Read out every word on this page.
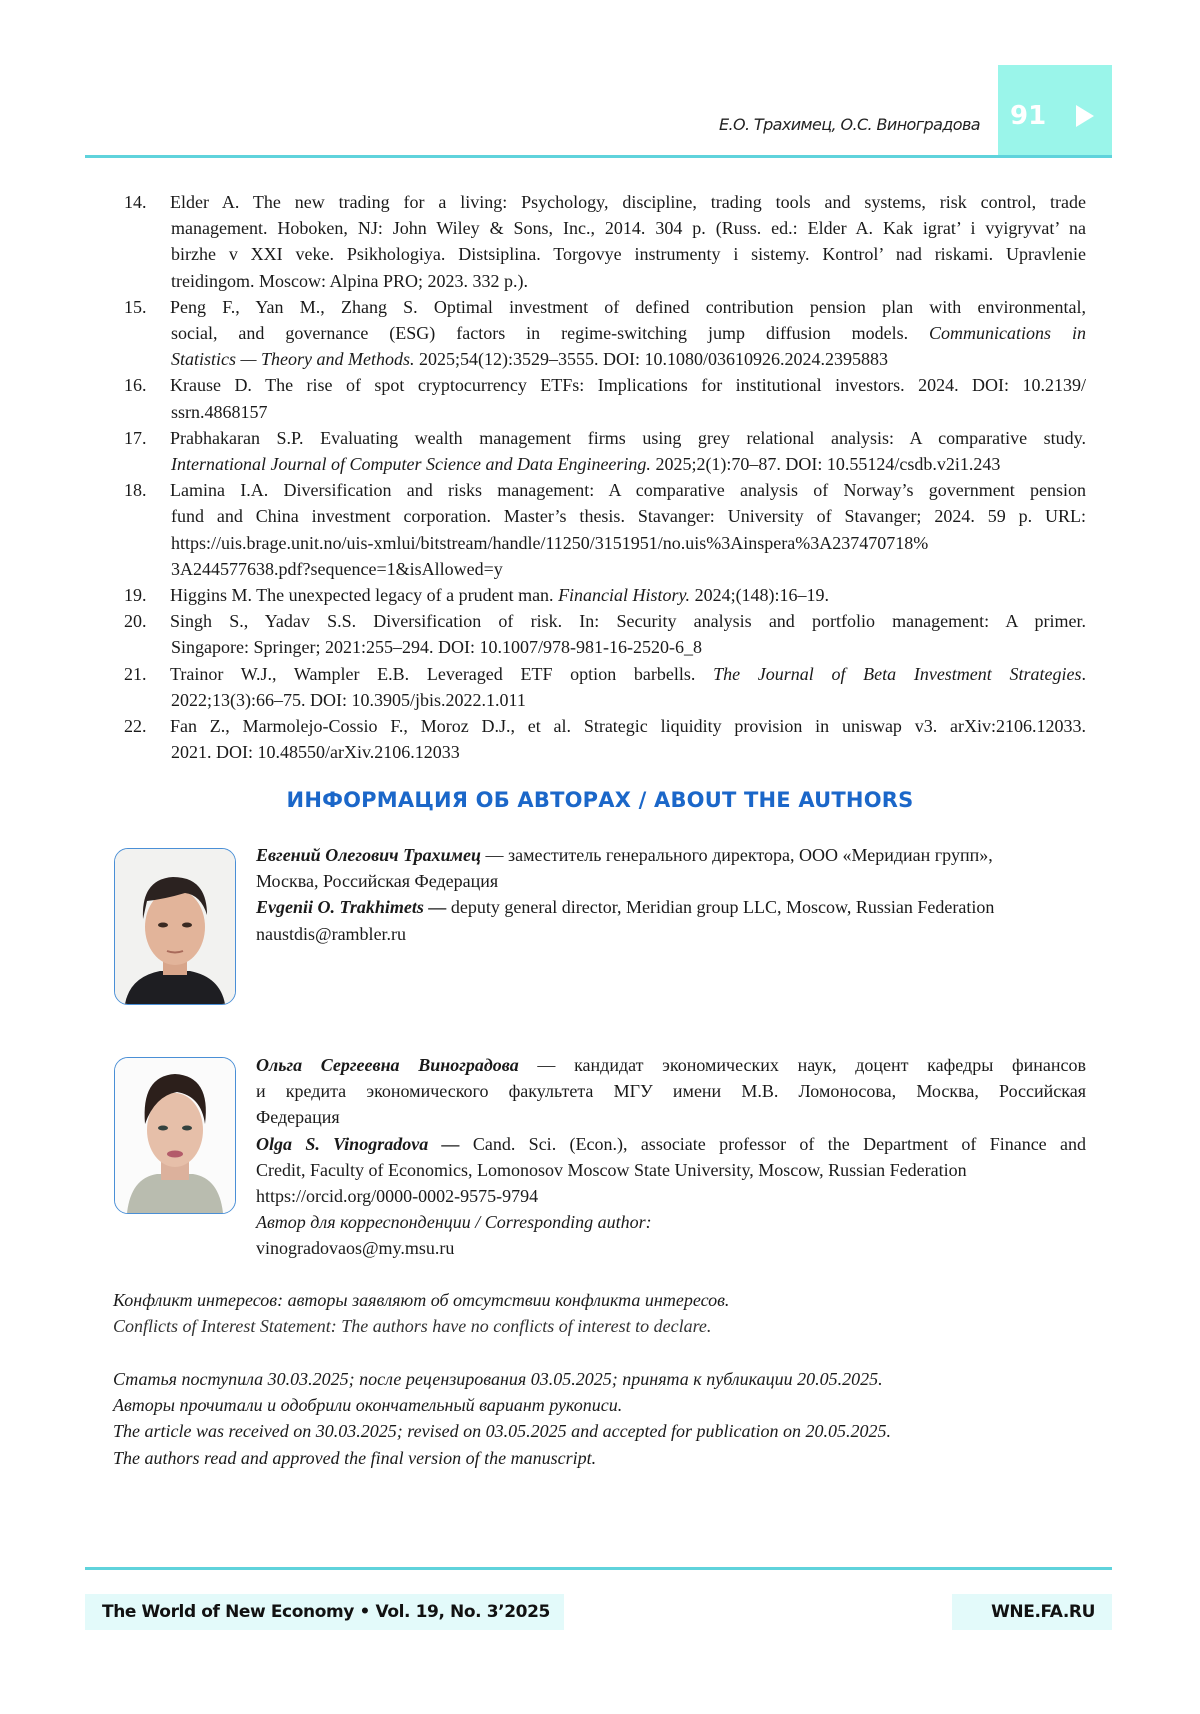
Е.О. Трахимец, О.С. Виноградова 91
14.	Elder A. The new trading for a living: Psychology, discipline, trading tools and systems, risk control, trade
management. Hoboken, NJ: John Wiley & Sons, Inc., 2014. 304 p. (Russ. ed.: Elder A. Kak igrat’ i vyigryvat’ na
birzhe v XXI veke. Psikhologiya. Distsiplina. Torgovye instrumenty i sistemy. Kontrol’ nad riskami. Upravlenie
treidingom. Moscow: Alpina PRO; 2023. 332 p.).
15.	Peng F., Yan M., Zhang S. Optimal investment of defined contribution pension plan with environmental,
social, and governance (ESG) factors in regime-switching jump diffusion models. Communications in
Statistics — Theory and Methods. 2025;54(12):3529–3555. DOI: 10.1080/03610926.2024.2395883
16.	Krause D. The rise of spot cryptocurrency ETFs: Implications for institutional investors. 2024. DOI: 10.2139/
ssrn.4868157
17.	Prabhakaran S.P. Evaluating wealth management firms using grey relational analysis: A comparative study.
International Journal of Computer Science and Data Engineering. 2025;2(1):70–87. DOI: 10.55124/csdb.v2i1.243
18.	Lamina I.A. Diversification and risks management: A comparative analysis of Norway’s government pension
fund and China investment corporation. Master’s thesis. Stavanger: University of Stavanger; 2024. 59 p. URL:
https://uis.brage.unit.no/uis-xmlui/bitstream/handle/11250/3151951/no.uis%3Ainspera%3A237470718%
3A244577638.pdf?sequence=1&isAllowed=y
19.	Higgins M. The unexpected legacy of a prudent man. Financial History. 2024;(148):16–19.
20.	Singh S., Yadav S.S. Diversification of risk. In: Security analysis and portfolio management: A primer.
Singapore: Springer; 2021:255–294. DOI: 10.1007/978-981-16-2520-6_8
21.	Trainor W.J., Wampler E.B. Leveraged ETF option barbells. The Journal of Beta Investment Strategies.
2022;13(3):66–75. DOI: 10.3905/jbis.2022.1.011
22.	Fan Z., Marmolejo-Cossio F., Moroz D.J., et al. Strategic liquidity provision in uniswap v3. arXiv:2106.12033.
2021. DOI: 10.48550/arXiv.2106.12033
ИНФОРМАЦИЯ ОБ АВТОРАХ / ABOUT THE AUTHORS
Евгений Олегович Трахимец — заместитель генерального директора, ООО «Меридиан групп»,
Москва, Российская Федерация
Evgenii O. Trakhimets — deputy general director, Meridian group LLC, Moscow, Russian Federation
naustdis@rambler.ru
Ольга Сергеевна Виноградова — кандидат экономических наук, доцент кафедры финансов
и кредита экономического факультета МГУ имени М.В. Ломоносова, Москва, Российская
Федерация
Olga S. Vinogradova — Cand. Sci. (Econ.), associate professor of the Department of Finance and
Credit, Faculty of Economics, Lomonosov Moscow State University, Moscow, Russian Federation
https://orcid.org/0000-0002-9575-9794
Автор для корреспонденции / Corresponding author:
vinogradovaos@my.msu.ru
Конфликт интересов: авторы заявляют об отсутствии конфликта интересов.
Conflicts of Interest Statement: The authors have no conflicts of interest to declare.
Статья поступила 30.03.2025; после рецензирования 03.05.2025; принята к публикации 20.05.2025.
Авторы прочитали и одобрили окончательный вариант рукописи.
The article was received on 30.03.2025; revised on 03.05.2025 and accepted for publication on 20.05.2025.
The authors read and approved the final version of the manuscript.
The World of New Economy • Vol. 19, No. 3’2025	WNE.FA.RU
